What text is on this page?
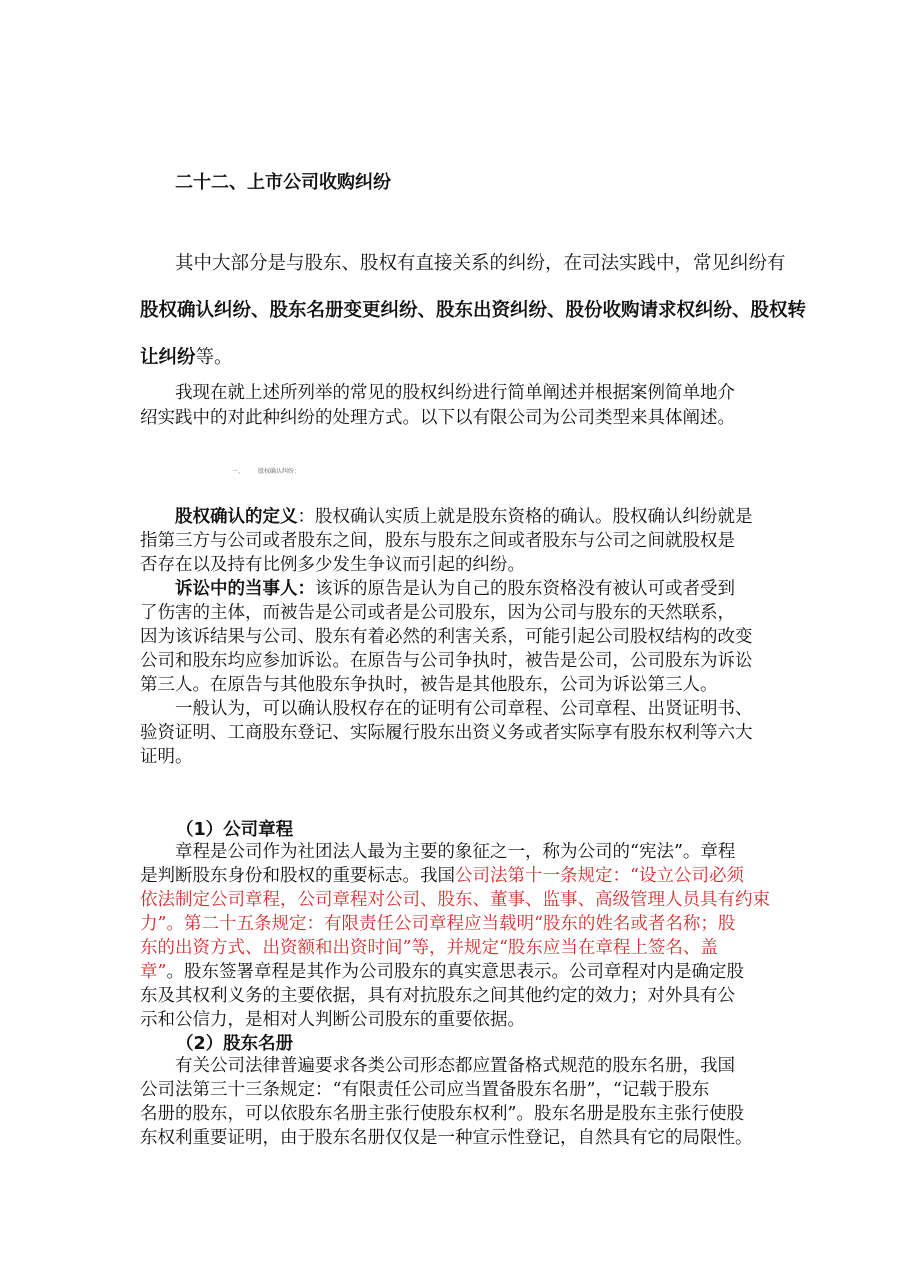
二十二、上市公司收购纠纷
其中大部分是与股东、股权有直接关系的纠纷，在司法实践中，常见纠纷有
股权确认纠纷、股东名册变更纠纷、股东出资纠纷、股份收购请求权纠纷、股权转
让纠纷等。
我现在就上述所列举的常见的股权纠纷进行简单阐述并根据案例简单地介
绍实践中的对此种纠纷的处理方式。以下以有限公司为公司类型来具体阐述。
一、 股权确认纠纷：
股权确认的定义：股权确认实质上就是股东资格的确认。股权确认纠纷就是
指第三方与公司或者股东之间，股东与股东之间或者股东与公司之间就股权是
否存在以及持有比例多少发生争议而引起的纠纷。
诉讼中的当事人：该诉的原告是认为自己的股东资格没有被认可或者受到
了伤害的主体，而被告是公司或者是公司股东，因为公司与股东的天然联系，
因为该诉结果与公司、股东有着必然的利害关系，可能引起公司股权结构的改变
公司和股东均应参加诉讼。在原告与公司争执时，被告是公司，公司股东为诉讼
第三人。在原告与其他股东争执时，被告是其他股东，公司为诉讼第三人。
一般认为，可以确认股权存在的证明有公司章程、公司章程、出贤证明书、
验资证明、工商股东登记、实际履行股东出资义务或者实际享有股东权利等六大
证明。
（1）公司章程
章程是公司作为社团法人最为主要的象征之一，称为公司的“宪法”。章程
是判断股东身份和股权的重要标志。我国公司法第十一条规定：“设立公司必须
依法制定公司章程，公司章程对公司、股东、董事、监事、高级管理人员具有约束
力”。第二十五条规定：有限责任公司章程应当载明“股东的姓名或者名称；股
东的出资方式、出资额和出资时间”等，并规定“股东应当在章程上签名、盖
章”。股东签署章程是其作为公司股东的真实意思表示。公司章程对内是确定股
东及其权利义务的主要依据，具有对抗股东之间其他约定的效力；对外具有公
示和公信力，是相对人判断公司股东的重要依据。
（2）股东名册
有关公司法律普遍要求各类公司形态都应置备格式规范的股东名册，我国
公司法第三十三条规定：“有限责任公司应当置备股东名册”，“记载于股东
名册的股东，可以依股东名册主张行使股东权利”。股东名册是股东主张行使股
东权利重要证明，由于股东名册仅仅是一种宣示性登记，自然具有它的局限性。
